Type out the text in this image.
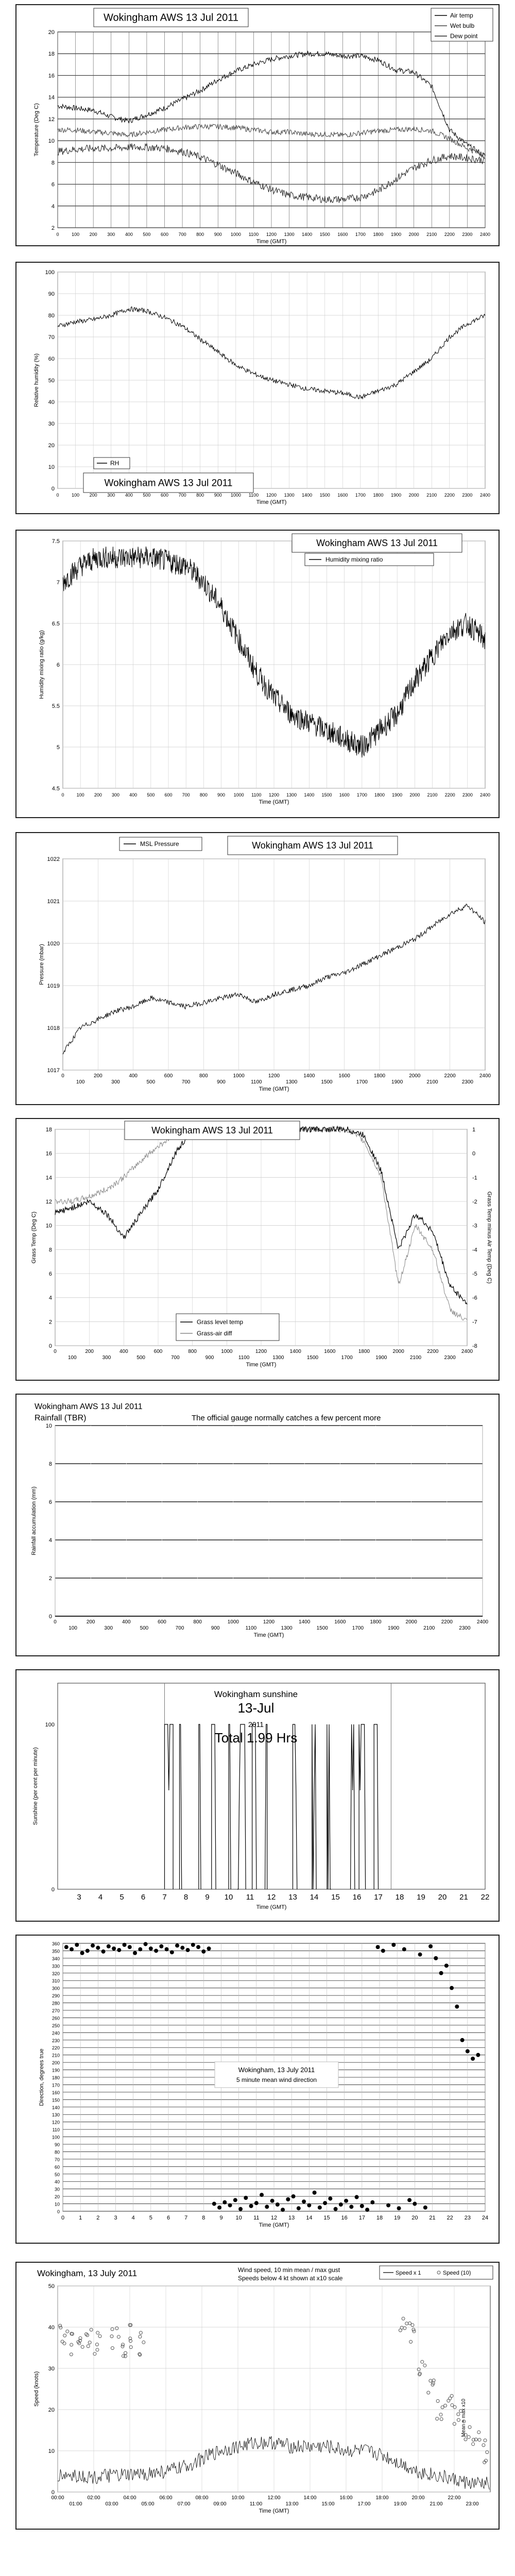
2
4
6
8
10
12
14
16
18
20
0	100 200 300 400 500 600 700 800 900 1000 1100 1200 1300 1400 1500 1600 1700 1800 1900 2000 2100 2200 2300 2400
Time (GMT)
Temperature (Deg C)
Wokingham AWS 13 Jul 2011	Air temp
Wet bulb
Dew point
0
10
20
30
40
50
60
70
80
90
100
0	100 200 300 400 500 600 700 800 900 1000 1100 1200 1300 1400 1500 1600 1700 1800 1900 2000 2100 2200 2300 2400
Time (GMT)
Relative humidity (%)
RH
Wokingham AWS 13 Jul 2011
4.5
5
5.5
6
6.5
7
7.5
0	100 200 300 400 500 600 700 800 900 1000 1100 1200 1300 1400 1500 1600 1700 1800 1900 2000 2100 2200 2300 2400
Time (GMT)
Humidity mixing ratio (g/kg)
Wokingham AWS 13 Jul 2011
Humidity mixing ratio
1017
1018
1019
1020
1021
1022
0	200	400	600	800	1000	1200	1400	1600	1800	2000	2200	2400
100	300	500	700	900	1100	1300	1500	1700	1900	2100	2300
Time (GMT)
Pressure (mbar)
MSL Pressure	Wokingham AWS 13 Jul 2011
0
2
4
6
8
10
12
14
16
18
0	200	400	600	800	1000	1200	1400	1600	1800	2000	2200	2400
100	300	500	700	900	1100	1300	1500	1700	1900	2100	2300
Time (GMT)
Grass Temp (Deg C)
-8
-7
-6
-5
-4
-3
-2
-1
0
1
Grass Temp minus Air Temp (Deg C)
Wokingham AWS 13 Jul 2011
Grass level temp
Grass-air diff
0
2
4
6
8
10
0	200	400	600	800	1000	1200	1400	1600	1800	2000	2200	2400
100	300	500	700	900	1100	1300	1500	1700	1900	2100	2300
Time (GMT)
Rainfall accumulation (mm)
Wokingham AWS 13 Jul 2011
Rainfall (TBR)	The official gauge normally catches a few percent more
0
100
3 4 5 6 7 8 9 10 11 12 13 14 15 16 17 18 19 20 21 22
Time (GMT)
Sunshine (per cent per minute)
Wokingham sunshine
13-Jul
2011
Total 1.99 Hrs
0
10
20
30
40
50
60
70
80
90
100
110
120
130
140
150
160
170
180
190
200
210
220
230
240
250
260
270
280
290
300
310
320
330
340
350
360
0	1	2	3	4	5	6	7	8	9 10 11 12 13 14 15 16 17 18 19 20 21 22 23 24
Time (GMT)
Direction, degrees true	Wokingham, 13 July 2011
5 minute mean wind direction
0
10
20
30
40
50
00:00	02:00	04:00	06:00	08:00	10:00	12:00	14:00	16:00	18:00	20:00	22:00
01:00	03:00	05:00	07:00	09:00	11:00	13:00	15:00	17:00	19:00	21:00	23:00
Time (GMT)
Speed (knots)
Wokingham, 13 July 2011	Wind speed, 10 min mean / max gust
Speeds below 4 kt shown at x10 scale
Speed x 1	Speed (10)
Mean + max x10
